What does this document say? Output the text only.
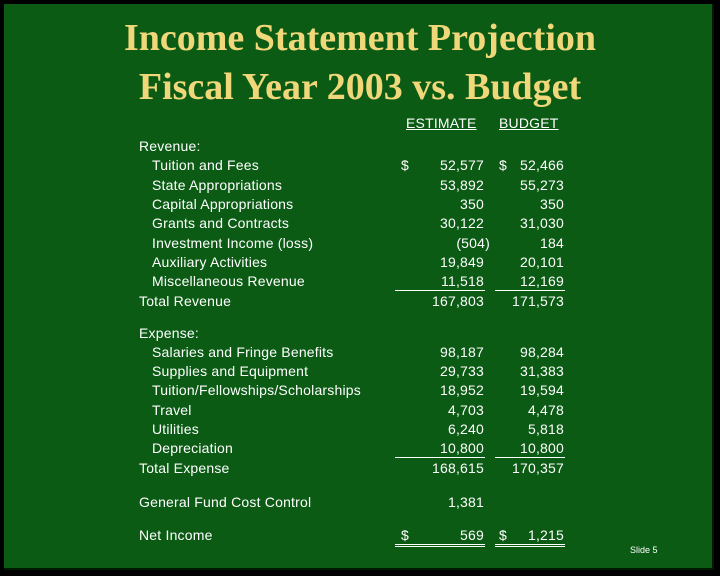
Income Statement Projection
Fiscal Year 2003 vs. Budget
ESTIMATE BUDGET
Revenue:
Tuition and Fees	$	52,577 $ 52,466
State Appropriations	53,892	55,273
Capital Appropriations	350	350
Grants and Contracts	30,122	31,030
Investment Income (loss)	(504)	184
Auxiliary Activities	19,849	20,101
Miscellaneous Revenue	11,518	12,169
Total Revenue	167,803	171,573
Expense:
Salaries and Fringe Benefits	98,187	98,284
Supplies and Equipment	29,733	31,383
Tuition/Fellowships/Scholarships	18,952	19,594
Travel	4,703	4,478
Utilities	6,240	5,818
Depreciation	10,800	10,800
Total Expense	168,615	170,357
General Fund Cost Control	1,381
Net Income	$	569 $	1,215
Slide 5
